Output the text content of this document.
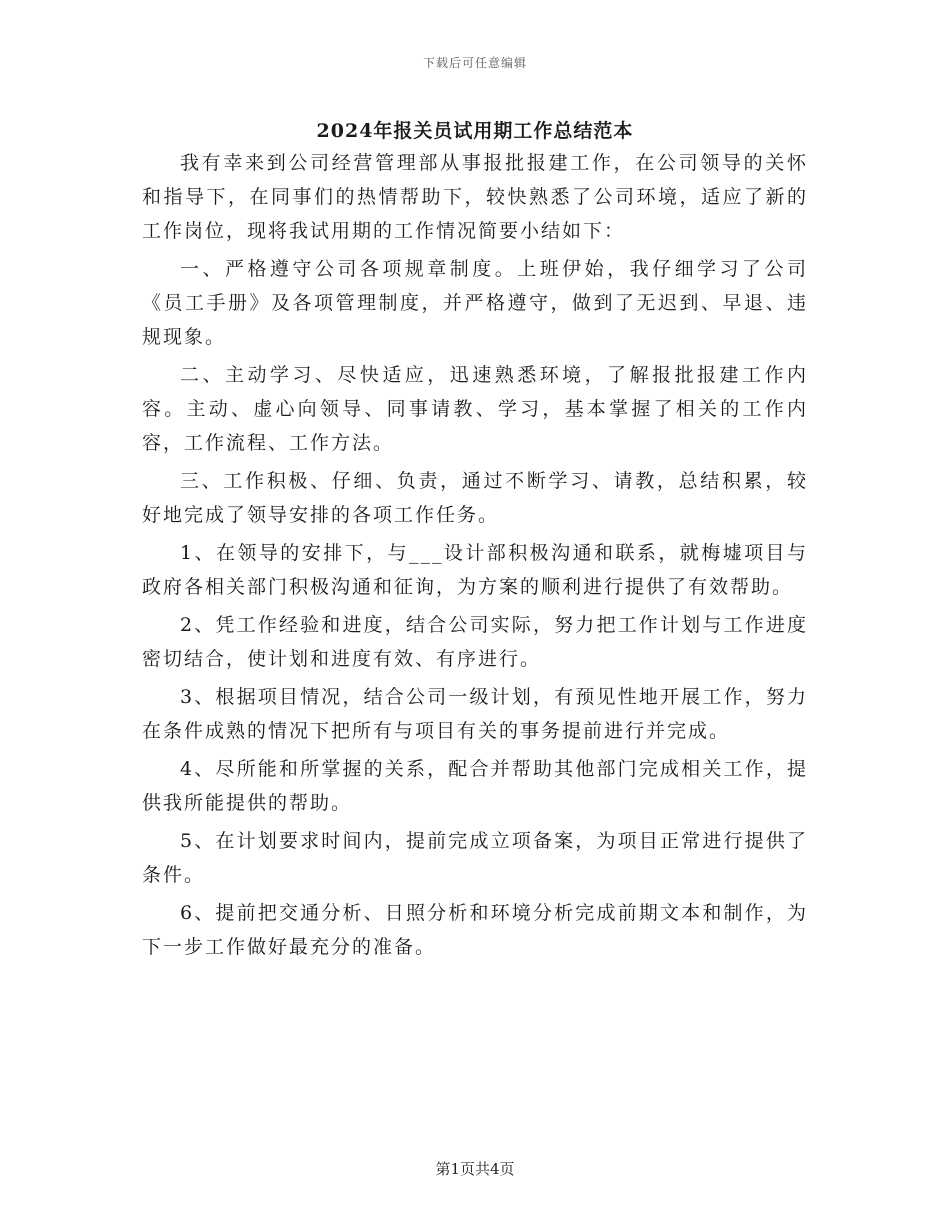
下载后可任意编辑
2024年报关员试用期工作总结范本

我有幸来到公司经营管理部从事报批报建工作，在公司领导的关怀和指导下，在同事们的热情帮助下，较快熟悉了公司环境，适应了新的工作岗位，现将我试用期的工作情况简要小结如下：

一、严格遵守公司各项规章制度。上班伊始，我仔细学习了公司《员工手册》及各项管理制度，并严格遵守，做到了无迟到、早退、违规现象。

二、主动学习、尽快适应，迅速熟悉环境，了解报批报建工作内容。主动、虚心向领导、同事请教、学习，基本掌握了相关的工作内容，工作流程、工作方法。

三、工作积极、仔细、负责，通过不断学习、请教，总结积累，较好地完成了领导安排的各项工作任务。

1、在领导的安排下，与___设计部积极沟通和联系，就梅墟项目与政府各相关部门积极沟通和征询，为方案的顺利进行提供了有效帮助。

2、凭工作经验和进度，结合公司实际，努力把工作计划与工作进度密切结合，使计划和进度有效、有序进行。

3、根据项目情况，结合公司一级计划，有预见性地开展工作，努力在条件成熟的情况下把所有与项目有关的事务提前进行并完成。

4、尽所能和所掌握的关系，配合并帮助其他部门完成相关工作，提供我所能提供的帮助。

5、在计划要求时间内，提前完成立项备案，为项目正常进行提供了条件。

6、提前把交通分析、日照分析和环境分析完成前期文本和制作，为下一步工作做好最充分的准备。

第1页共4页
